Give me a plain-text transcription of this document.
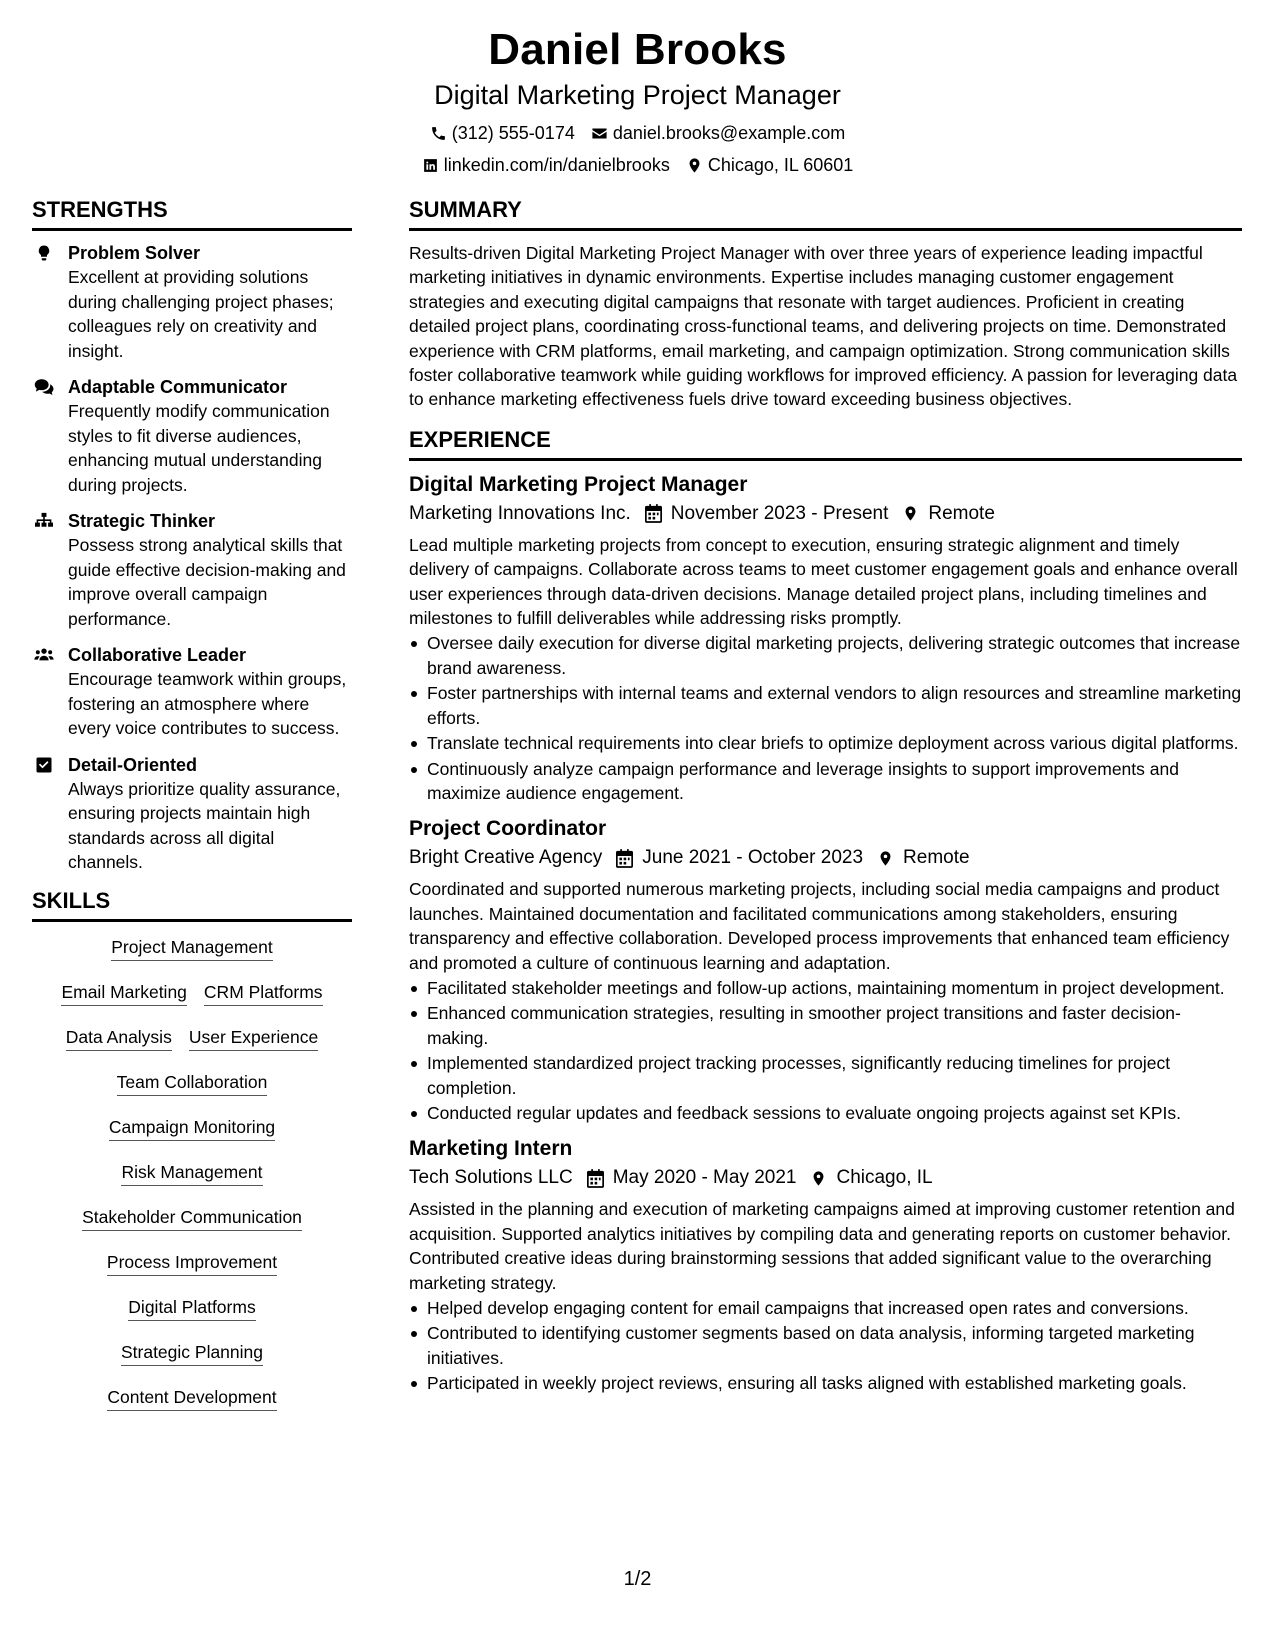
Daniel Brooks
Digital Marketing Project Manager
(312) 555-0174 daniel.brooks@example.com
linkedin.com/in/danielbrooks Chicago, IL 60601
STRENGTHS
Problem Solver
Excellent at providing solutions during challenging project phases; colleagues rely on creativity and insight.
Adaptable Communicator
Frequently modify communication styles to fit diverse audiences, enhancing mutual understanding during projects.
Strategic Thinker
Possess strong analytical skills that guide effective decision-making and improve overall campaign performance.
Collaborative Leader
Encourage teamwork within groups, fostering an atmosphere where every voice contributes to success.
Detail-Oriented
Always prioritize quality assurance, ensuring projects maintain high standards across all digital channels.
SKILLS
Project Management
Email Marketing CRM Platforms
Data Analysis User Experience
Team Collaboration
Campaign Monitoring
Risk Management
Stakeholder Communication
Process Improvement
Digital Platforms
Strategic Planning
Content Development
SUMMARY

Results-driven Digital Marketing Project Manager with over three years of experience leading impactful marketing initiatives in dynamic environments. Expertise includes managing customer engagement strategies and executing digital campaigns that resonate with target audiences. Proficient in creating detailed project plans, coordinating cross-functional teams, and delivering projects on time. Demonstrated experience with CRM platforms, email marketing, and campaign optimization. Strong communication skills foster collaborative teamwork while guiding workflows for improved efficiency. A passion for leveraging data to enhance marketing effectiveness fuels drive toward exceeding business objectives.

EXPERIENCE
Digital Marketing Project Manager
Marketing Innovations Inc. November 2023 - Present Remote
Lead multiple marketing projects from concept to execution, ensuring strategic alignment and timely delivery of campaigns. Collaborate across teams to meet customer engagement goals and enhance overall user experiences through data-driven decisions. Manage detailed project plans, including timelines and milestones to fulfill deliverables while addressing risks promptly.
Oversee daily execution for diverse digital marketing projects, delivering strategic outcomes that increase brand awareness.
Foster partnerships with internal teams and external vendors to align resources and streamline marketing efforts.
Translate technical requirements into clear briefs to optimize deployment across various digital platforms.
Continuously analyze campaign performance and leverage insights to support improvements and maximize audience engagement.
Project Coordinator
Bright Creative Agency June 2021 - October 2023 Remote
Coordinated and supported numerous marketing projects, including social media campaigns and product launches. Maintained documentation and facilitated communications among stakeholders, ensuring transparency and effective collaboration. Developed process improvements that enhanced team efficiency and promoted a culture of continuous learning and adaptation.
Facilitated stakeholder meetings and follow-up actions, maintaining momentum in project development.
Enhanced communication strategies, resulting in smoother project transitions and faster decision-making.
Implemented standardized project tracking processes, significantly reducing timelines for project completion.
Conducted regular updates and feedback sessions to evaluate ongoing projects against set KPIs.
Marketing Intern
Tech Solutions LLC May 2020 - May 2021 Chicago, IL
Assisted in the planning and execution of marketing campaigns aimed at improving customer retention and acquisition. Supported analytics initiatives by compiling data and generating reports on customer behavior. Contributed creative ideas during brainstorming sessions that added significant value to the overarching marketing strategy.
Helped develop engaging content for email campaigns that increased open rates and conversions.
Contributed to identifying customer segments based on data analysis, informing targeted marketing initiatives.
Participated in weekly project reviews, ensuring all tasks aligned with established marketing goals.
1/2
